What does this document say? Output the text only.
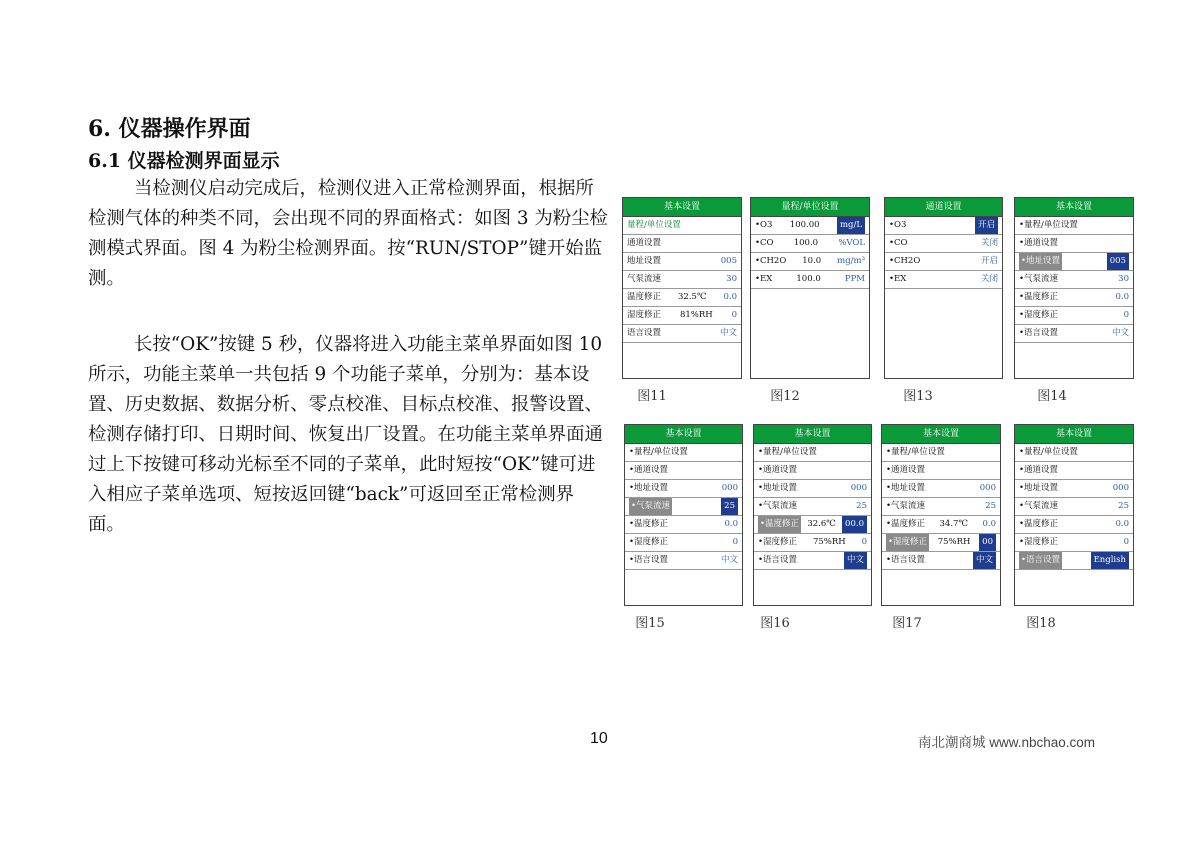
6. 仪器操作界面
6.1 仪器检测界面显示

当检测仪启动完成后，检测仪进入正常检测界面，根据所检测气体的种类不同，会出现不同的界面格式：如图 3 为粉尘检测模式界面。图 4 为粉尘检测界面。按“RUN/STOP”键开始监测。

长按“OK”按键 5 秒，仪器将进入功能主菜单界面如图 10 所示，功能主菜单一共包括 9 个功能子菜单，分别为：基本设置、历史数据、数据分析、零点校准、目标点校准、报警设置、检测存储打印、日期时间、恢复出厂设置。在功能主菜单界面通过上下按键可移动光标至不同的子菜单，此时短按“OK”键可进入相应子菜单选项、短按返回键“back”可返回至正常检测界面。

基本设置
量程/单位设置
通道设置
地址设置	005
气泵流速	30
温度修正 32.5℃ 0.0
湿度修正 81%RH 0
语言设置	中文
图11
量程/单位设置
•O3 100.00	mg/L
•CO 100.0 %VOL
•CH2O 10.0 mg/m³
•EX	100.0	PPM
图12
通道设置
•O3	开启
•CO	关闭
•CH2O	开启
•EX	关闭
图13
基本设置
•量程/单位设置
•通道设置
•地址设置	005
•气泵流速	30
•温度修正	0.0
•湿度修正	0
•语言设置	中文
图14
基本设置
•量程/单位设置
•通道设置
•地址设置	000
•气泵流速	25
•温度修正	0.0
•湿度修正	0
•语言设置	中文
图15
基本设置
•量程/单位设置
•通道设置
•地址设置	000
•气泵流速	25
•温度修正 32.6℃	00.0
•湿度修正 75%RH 0
•语言设置	中文
图16
基本设置
•量程/单位设置
•通道设置
•地址设置	000
•气泵流速	25
•温度修正 34.7℃ 0.0
•湿度修正 75%RH	00
•语言设置	中文
图17
基本设置
•量程/单位设置
•通道设置
•地址设置	000
•气泵流速	25
•温度修正	0.0
•湿度修正	0
•语言设置	English
图18
10	南北潮商城 www.nbchao.com
